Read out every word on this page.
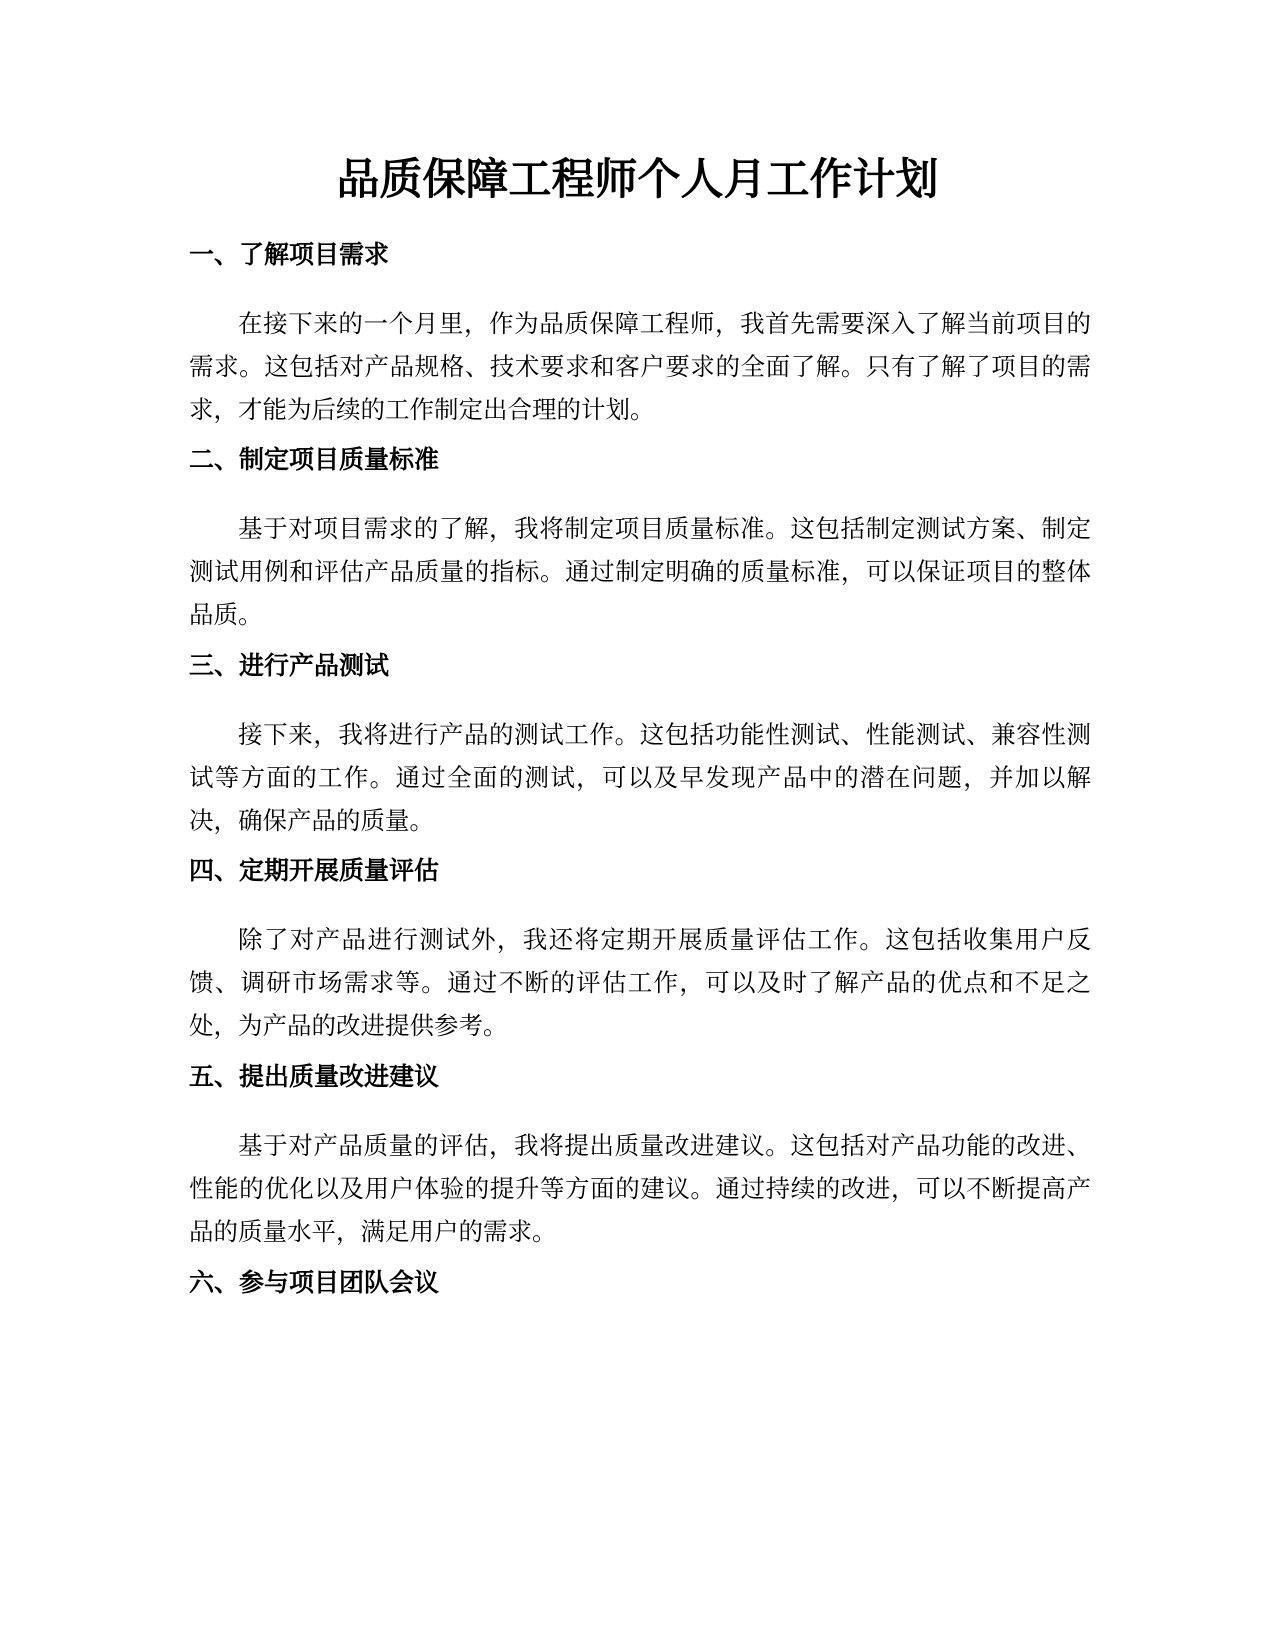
品质保障工程师个人月工作计划
一、了解项目需求

在接下来的一个月里，作为品质保障工程师，我首先需要深入了解当前项目的需求。这包括对产品规格、技术要求和客户要求的全面了解。只有了解了项目的需求，才能为后续的工作制定出合理的计划。

二、制定项目质量标准

基于对项目需求的了解，我将制定项目质量标准。这包括制定测试方案、制定测试用例和评估产品质量的指标。通过制定明确的质量标准，可以保证项目的整体品质。

三、进行产品测试

接下来，我将进行产品的测试工作。这包括功能性测试、性能测试、兼容性测试等方面的工作。通过全面的测试，可以及早发现产品中的潜在问题，并加以解决，确保产品的质量。

四、定期开展质量评估

除了对产品进行测试外，我还将定期开展质量评估工作。这包括收集用户反馈、调研市场需求等。通过不断的评估工作，可以及时了解产品的优点和不足之处，为产品的改进提供参考。

五、提出质量改进建议

基于对产品质量的评估，我将提出质量改进建议。这包括对产品功能的改进、性能的优化以及用户体验的提升等方面的建议。通过持续的改进，可以不断提高产品的质量水平，满足用户的需求。

六、参与项目团队会议
